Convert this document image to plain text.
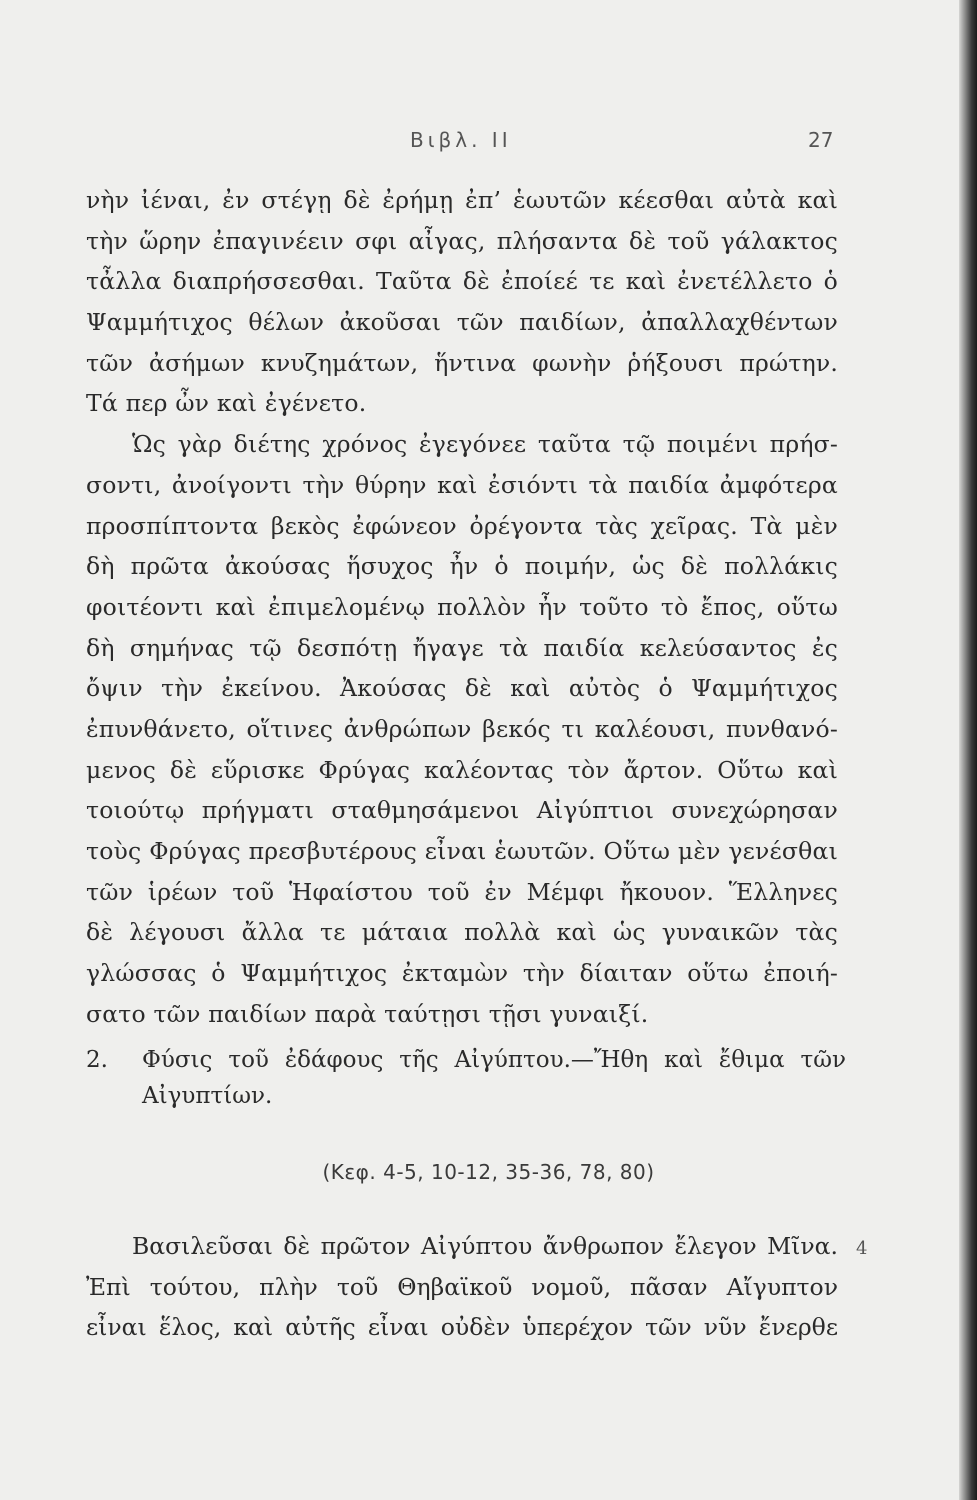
Βιβλ. II	27
νὴν ἰέναι, ἐν στέγῃ δὲ ἐρήμῃ ἐπ’ ἑωυτῶν κέεσθαι αὐτὰ καὶ
τὴν ὥρην ἐπαγινέειν σφι αἶγας, πλήσαντα δὲ τοῦ γάλακτος
τἆλλα διαπρήσσεσθαι. Ταῦτα δὲ ἐποίεέ τε καὶ ἐνετέλλετο ὁ
Ψαμμήτιχος θέλων ἀκοῦσαι τῶν παιδίων, ἀπαλλαχθέντων
τῶν ἀσήμων κνυζημάτων, ἥντινα φωνὴν ῥήξουσι πρώτην.
Τά περ ὦν καὶ ἐγένετο.
Ὡς γὰρ διέτης χρόνος ἐγεγόνεε ταῦτα τῷ ποιμένι πρήσ-
σοντι, ἀνοίγοντι τὴν θύρην καὶ ἐσιόντι τὰ παιδία ἀμφότερα
προσπίπτοντα βεκὸς ἐφώνεον ὀρέγοντα τὰς χεῖρας. Τὰ μὲν
δὴ πρῶτα ἀκούσας ἥσυχος ἦν ὁ ποιμήν, ὡς δὲ πολλάκις
φοιτέοντι καὶ ἐπιμελομένῳ πολλὸν ἦν τοῦτο τὸ ἔπος, οὕτω
δὴ σημήνας τῷ δεσπότῃ ἤγαγε τὰ παιδία κελεύσαντος ἐς
ὄψιν τὴν ἐκείνου. Ἀκούσας δὲ καὶ αὐτὸς ὁ Ψαμμήτιχος
ἐπυνθάνετο, οἵτινες ἀνθρώπων βεκός τι καλέουσι, πυνθανό-
μενος δὲ εὕρισκε Φρύγας καλέοντας τὸν ἄρτον. Οὕτω καὶ
τοιούτῳ πρήγματι σταθμησάμενοι Αἰγύπτιοι συνεχώρησαν
τοὺς Φρύγας πρεσβυτέρους εἶναι ἑωυτῶν. Οὕτω μὲν γενέσθαι
τῶν ἱρέων τοῦ Ἡφαίστου τοῦ ἐν Μέμφι ἤκουον. Ἕλληνες
δὲ λέγουσι ἄλλα τε μάταια πολλὰ καὶ ὡς γυναικῶν τὰς
γλώσσας ὁ Ψαμμήτιχος ἐκταμὼν τὴν δίαιταν οὕτω ἐποιή-
σατο τῶν παιδίων παρὰ ταύτῃσι τῇσι γυναιξί.
2.	Φύσις τοῦ ἐδάφους τῆς Αἰγύπτου.—Ἤθη καὶ ἔθιμα τῶν
Αἰγυπτίων.
(Κεφ. 4-5, 10-12, 35-36, 78, 80)
Βασιλεῦσαι δὲ πρῶτον Αἰγύπτου ἄνθρωπον ἔλεγον Μῖνα.
Ἐπὶ τούτου, πλὴν τοῦ Θηβαϊκοῦ νομοῦ, πᾶσαν Αἴγυπτον
εἶναι ἕλος, καὶ αὐτῆς εἶναι οὐδὲν ὑπερέχον τῶν νῦν ἔνερθε
4
